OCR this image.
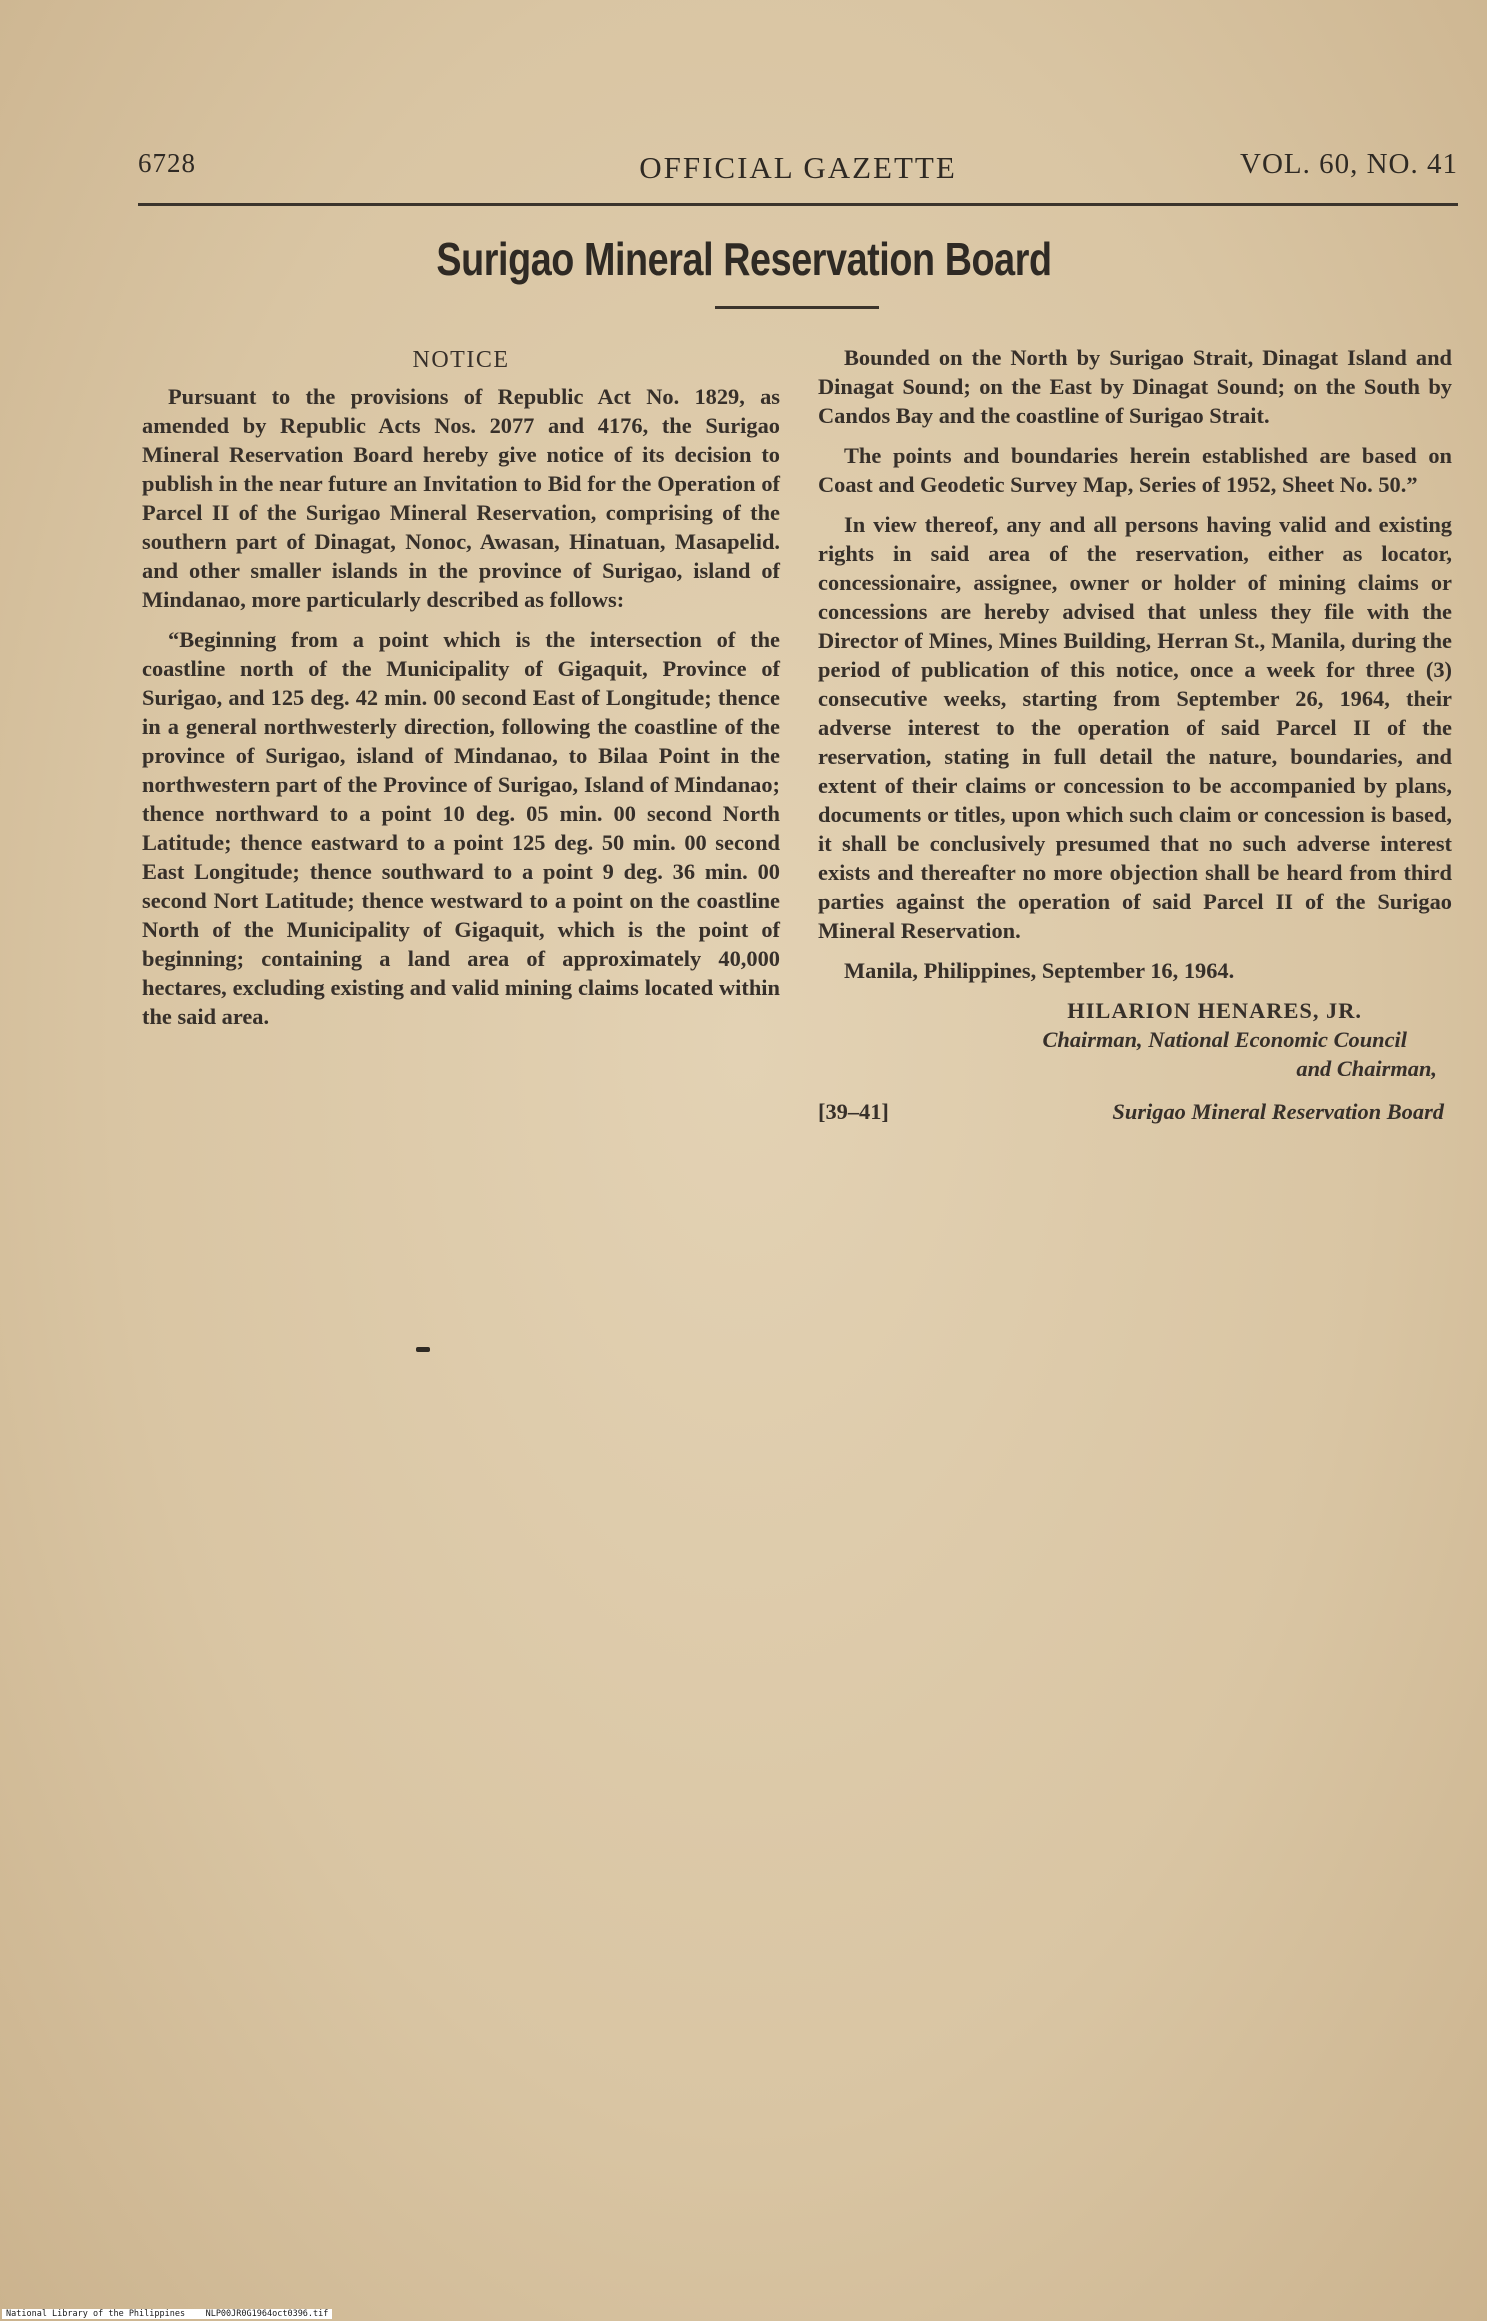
6728	OFFICIAL GAZETTE	VOL. 60, NO. 41
Surigao Mineral Reservation Board
NOTICE

Pursuant to the provisions of Republic Act No. 1829, as amended by Republic Acts Nos. 2077 and 4176, the Surigao Mineral Reservation Board hereby give notice of its decision to publish in the near future an Invitation to Bid for the Operation of Parcel II of the Surigao Mineral Reservation, comprising of the southern part of Dinagat, Nonoc, Awasan, Hinatuan, Masapelid. and other smaller islands in the province of Surigao, island of Mindanao, more particularly described as follows:

“Beginning from a point which is the intersection of the coastline north of the Municipality of Gigaquit, Province of Surigao, and 125 deg. 42 min. 00 second East of Longitude; thence in a general northwesterly direction, following the coastline of the province of Surigao, island of Mindanao, to Bilaa Point in the northwestern part of the Province of Surigao, Island of Mindanao; thence northward to a point 10 deg. 05 min. 00 second North Latitude; thence eastward to a point 125 deg. 50 min. 00 second East Longitude; thence southward to a point 9 deg. 36 min. 00 second Nort Latitude; thence westward to a point on the coastline North of the Municipality of Gigaquit, which is the point of beginning; containing a land area of approximately 40,000 hectares, excluding existing and valid mining claims located within the said area.

Bounded on the North by Surigao Strait, Dinagat Island and Dinagat Sound; on the East by Dinagat Sound; on the South by Candos Bay and the coastline of Surigao Strait.

The points and boundaries herein established are based on Coast and Geodetic Survey Map, Series of 1952, Sheet No. 50.”

In view thereof, any and all persons having valid and existing rights in said area of the reservation, either as locator, concessionaire, assignee, owner or holder of mining claims or concessions are hereby advised that unless they file with the Director of Mines, Mines Building, Herran St., Manila, during the period of publication of this notice, once a week for three (3) consecutive weeks, starting from September 26, 1964, their adverse interest to the operation of said Parcel II of the reservation, stating in full detail the nature, boundaries, and extent of their claims or concession to be accompanied by plans, documents or titles, upon which such claim or concession is based, it shall be conclusively presumed that no such adverse interest exists and thereafter no more objection shall be heard from third parties against the operation of said Parcel II of the Surigao Mineral Reservation.

Manila, Philippines, September 16, 1964.

HILARION HENARES, JR.
Chairman, National Economic Council
and Chairman,
[39–41]	Surigao Mineral Reservation Board
National Library of the Philippines    NLP00JR0G1964oct0396.tif
